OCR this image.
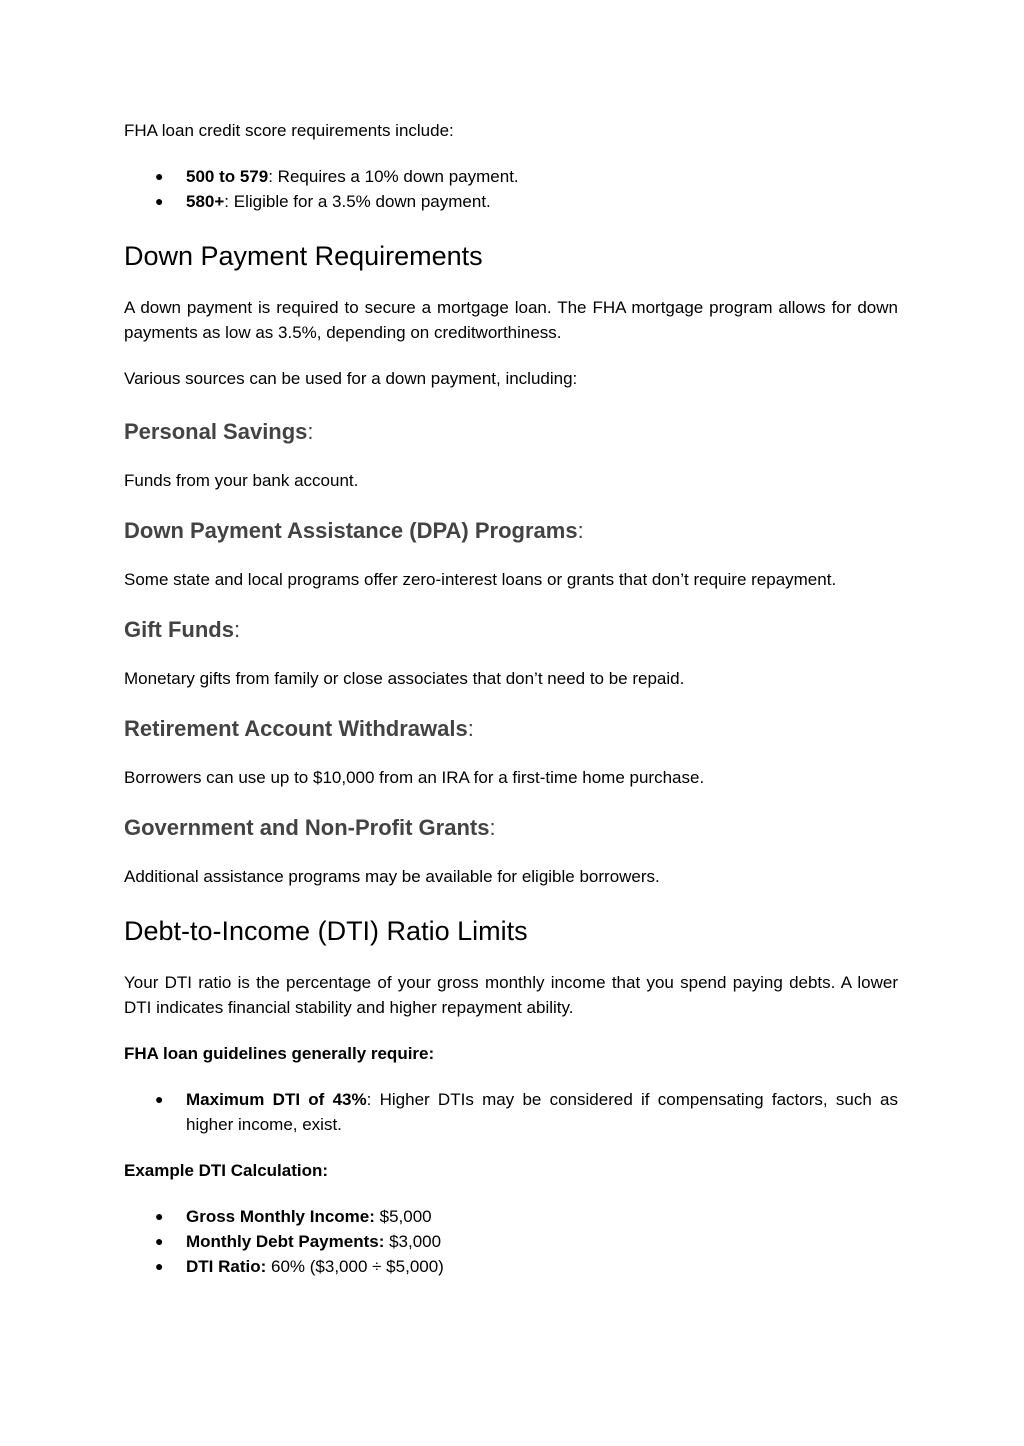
FHA loan credit score requirements include:

● 500 to 579: Requires a 10% down payment.
● 580+: Eligible for a 3.5% down payment.
Down Payment Requirements

A down payment is required to secure a mortgage loan. The FHA mortgage program allows for down payments as low as 3.5%, depending on creditworthiness.

Various sources can be used for a down payment, including:

Personal Savings:

Funds from your bank account.

Down Payment Assistance (DPA) Programs:

Some state and local programs offer zero-interest loans or grants that don’t require repayment.

Gift Funds:

Monetary gifts from family or close associates that don’t need to be repaid.

Retirement Account Withdrawals:

Borrowers can use up to $10,000 from an IRA for a first-time home purchase.

Government and Non-Profit Grants:

Additional assistance programs may be available for eligible borrowers.

Debt-to-Income (DTI) Ratio Limits

Your DTI ratio is the percentage of your gross monthly income that you spend paying debts. A lower DTI indicates financial stability and higher repayment ability.

FHA loan guidelines generally require:

● Maximum DTI of 43%: Higher DTIs may be considered if compensating factors, such as higher income, exist.

Example DTI Calculation:

● Gross Monthly Income: $5,000
● Monthly Debt Payments: $3,000
● DTI Ratio: 60% ($3,000 ÷ $5,000)
